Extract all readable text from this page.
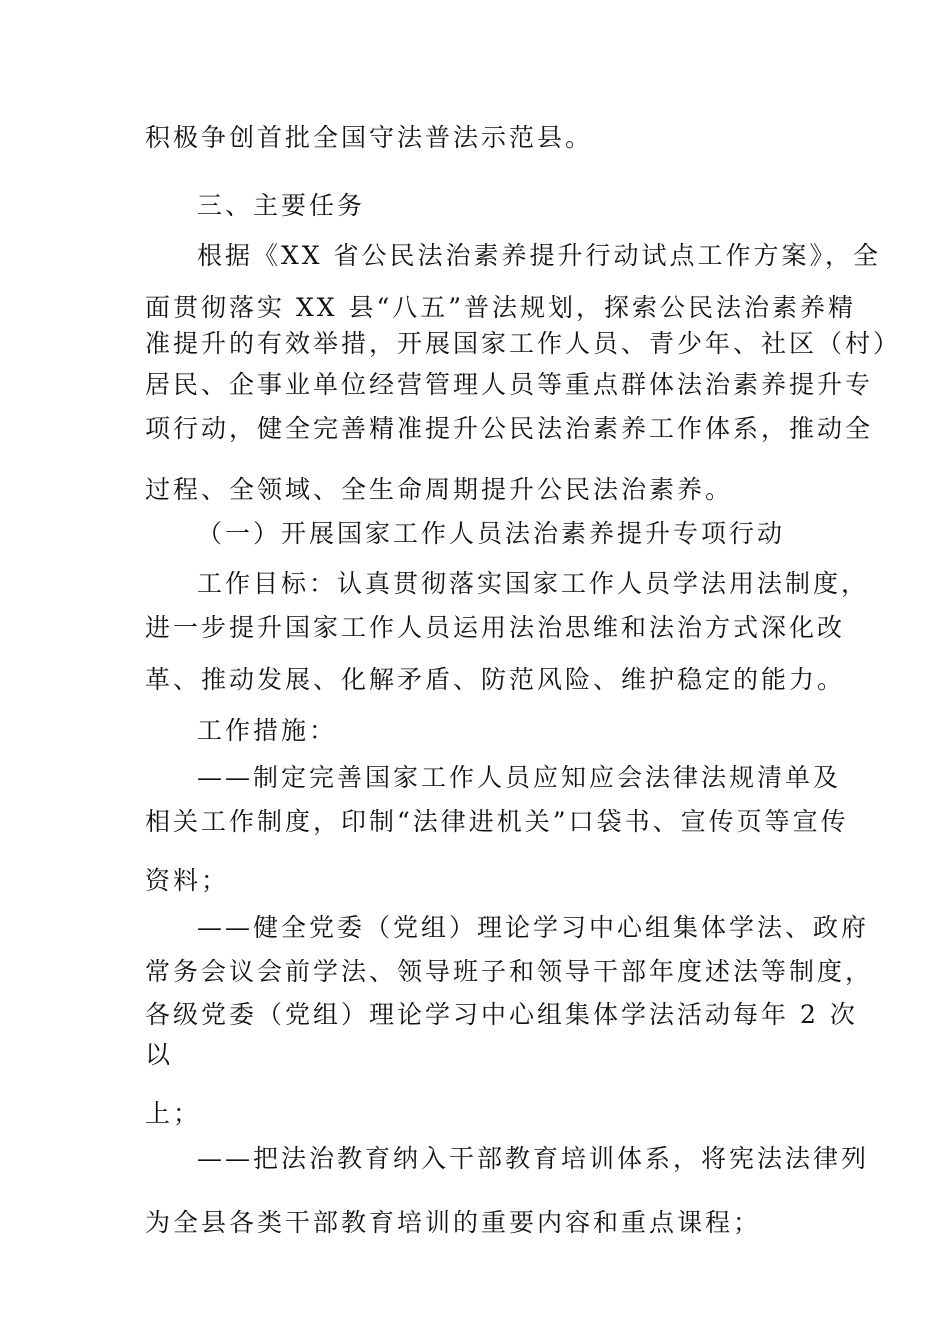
积极争创首批全国守法普法示范县。

三、主要任务

根据《XX 省公民法治素养提升行动试点工作方案》，全

面贯彻落实 XX 县“八五”普法规划，探索公民法治素养精

准提升的有效举措，开展国家工作人员、青少年、社区（村）

居民、企事业单位经营管理人员等重点群体法治素养提升专

项行动，健全完善精准提升公民法治素养工作体系，推动全

过程、全领域、全生命周期提升公民法治素养。

（一）开展国家工作人员法治素养提升专项行动

工作目标：认真贯彻落实国家工作人员学法用法制度，

进一步提升国家工作人员运用法治思维和法治方式深化改

革、推动发展、化解矛盾、防范风险、维护稳定的能力。

工作措施：

——制定完善国家工作人员应知应会法律法规清单及

相关工作制度，印制“法律进机关”口袋书、宣传页等宣传

资料；

——健全党委（党组）理论学习中心组集体学法、政府

常务会议会前学法、领导班子和领导干部年度述法等制度，

各级党委（党组）理论学习中心组集体学法活动每年 2 次

以

上；

——把法治教育纳入干部教育培训体系，将宪法法律列

为全县各类干部教育培训的重要内容和重点课程；
